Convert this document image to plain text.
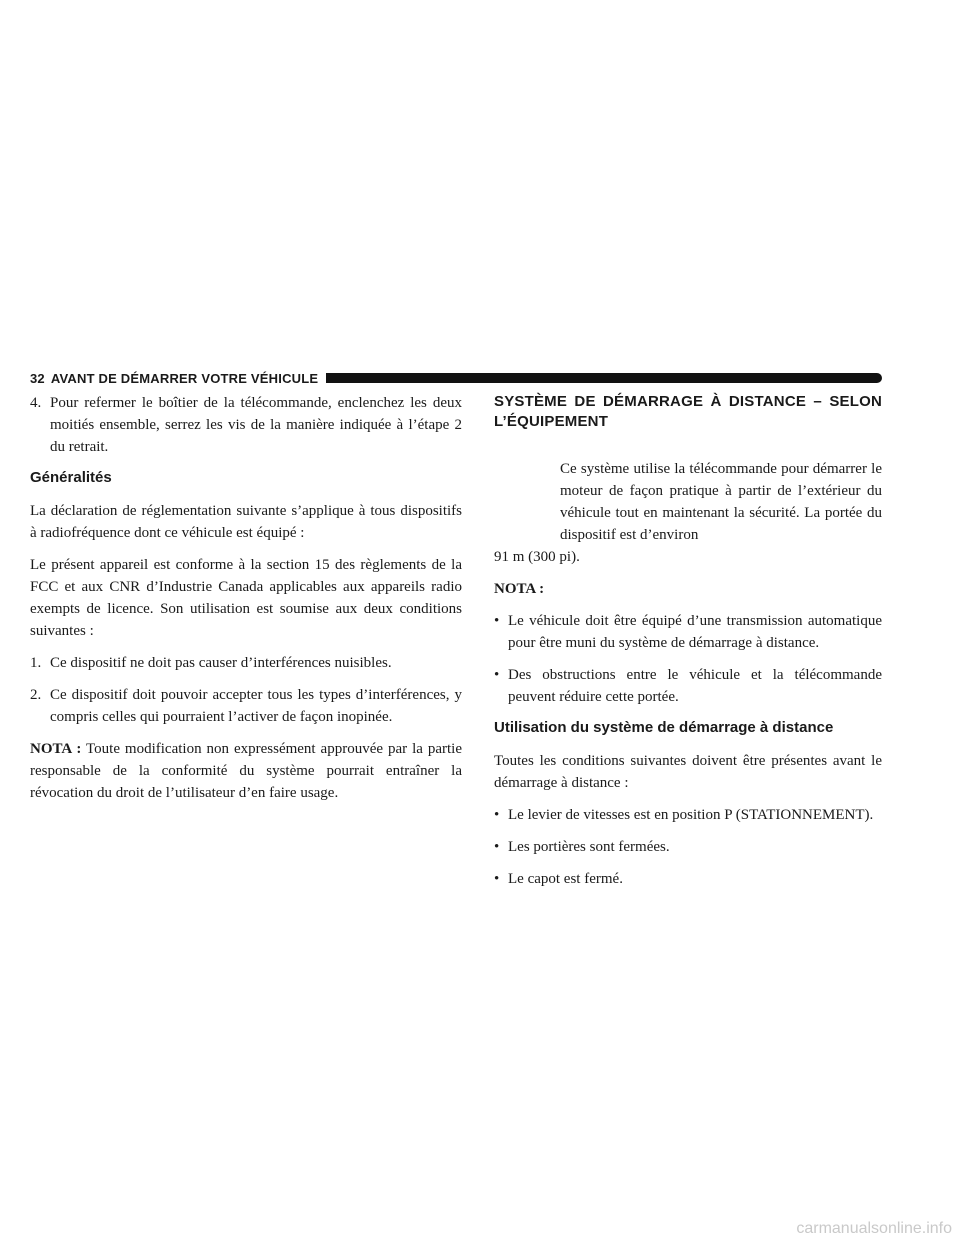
32 AVANT DE DÉMARRER VOTRE VÉHICULE
4. Pour refermer le boîtier de la télécommande, enclenchez les deux moitiés ensemble, serrez les vis de la manière indiquée à l’étape 2 du retrait.
Généralités

La déclaration de réglementation suivante s’applique à tous dispositifs à radiofréquence dont ce véhicule est équipé :

Le présent appareil est conforme à la section 15 des règlements de la FCC et aux CNR d’Industrie Canada applicables aux appareils radio exempts de licence. Son utilisation est soumise aux deux conditions suivantes :

1. Ce dispositif ne doit pas causer d’interférences nuisibles.
2. Ce dispositif doit pouvoir accepter tous les types d’interférences, y compris celles qui pourraient l’activer de façon inopinée.

NOTA : Toute modification non expressément approuvée par la partie responsable de la conformité du système pourrait entraîner la révocation du droit de l’utilisateur d’en faire usage.

SYSTÈME DE DÉMARRAGE À DISTANCE – SELON L’ÉQUIPEMENT

Ce système utilise la télécommande pour démarrer le moteur de façon pratique à partir de l’extérieur du véhicule tout en maintenant la sécurité. La portée du dispositif est d’environ

91 m (300 pi).

NOTA :

• Le véhicule doit être équipé d’une transmission automatique pour être muni du système de démarrage à distance.
• Des obstructions entre le véhicule et la télécommande peuvent réduire cette portée.
Utilisation du système de démarrage à distance

Toutes les conditions suivantes doivent être présentes avant le démarrage à distance :

• Le levier de vitesses est en position P (STATIONNEMENT).
• Les portières sont fermées.
• Le capot est fermé.
carmanualsonline.info
